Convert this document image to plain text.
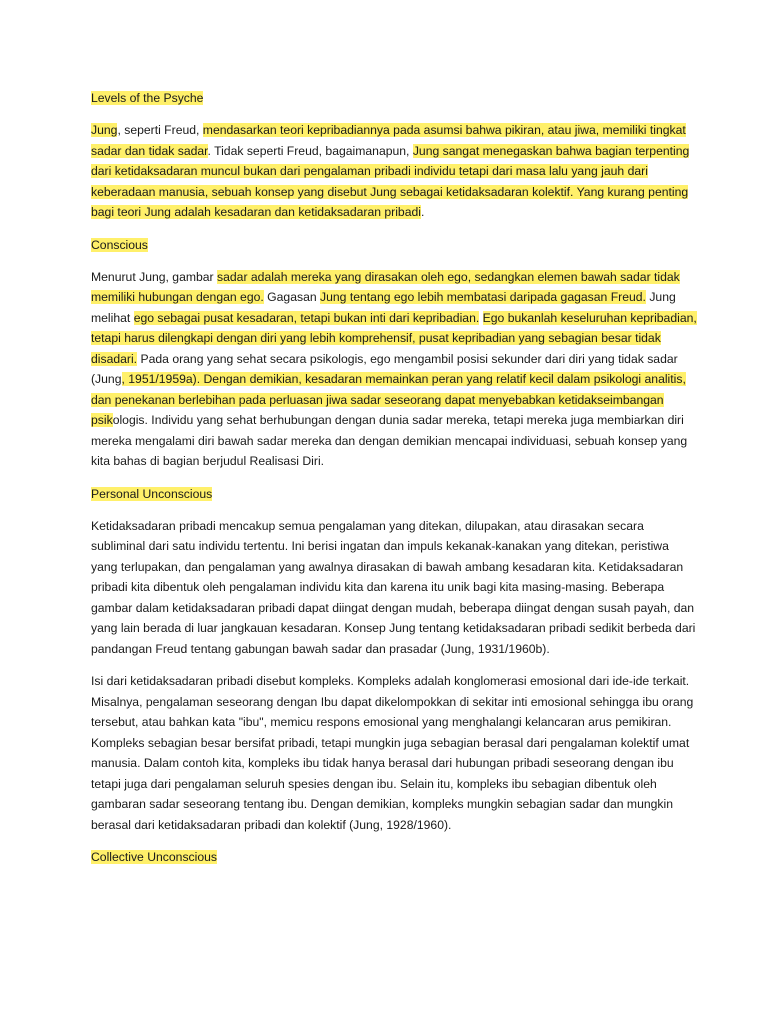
Levels of the Psyche
Jung, seperti Freud, mendasarkan teori kepribadiannya pada asumsi bahwa pikiran, atau jiwa, memiliki tingkat sadar dan tidak sadar. Tidak seperti Freud, bagaimanapun, Jung sangat menegaskan bahwa bagian terpenting dari ketidaksadaran muncul bukan dari pengalaman pribadi individu tetapi dari masa lalu yang jauh dari keberadaan manusia, sebuah konsep yang disebut Jung sebagai ketidaksadaran kolektif. Yang kurang penting bagi teori Jung adalah kesadaran dan ketidaksadaran pribadi.
Conscious
Menurut Jung, gambar sadar adalah mereka yang dirasakan oleh ego, sedangkan elemen bawah sadar tidak memiliki hubungan dengan ego. Gagasan Jung tentang ego lebih membatasi daripada gagasan Freud. Jung melihat ego sebagai pusat kesadaran, tetapi bukan inti dari kepribadian. Ego bukanlah keseluruhan kepribadian, tetapi harus dilengkapi dengan diri yang lebih komprehensif, pusat kepribadian yang sebagian besar tidak disadari. Pada orang yang sehat secara psikologis, ego mengambil posisi sekunder dari diri yang tidak sadar (Jung, 1951/1959a). Dengan demikian, kesadaran memainkan peran yang relatif kecil dalam psikologi analitis, dan penekanan berlebihan pada perluasan jiwa sadar seseorang dapat menyebabkan ketidakseimbangan psikologis. Individu yang sehat berhubungan dengan dunia sadar mereka, tetapi mereka juga membiarkan diri mereka mengalami diri bawah sadar mereka dan dengan demikian mencapai individuasi, sebuah konsep yang kita bahas di bagian berjudul Realisasi Diri.
Personal Unconscious
Ketidaksadaran pribadi mencakup semua pengalaman yang ditekan, dilupakan, atau dirasakan secara subliminal dari satu individu tertentu. Ini berisi ingatan dan impuls kekanak-kanakan yang ditekan, peristiwa yang terlupakan, dan pengalaman yang awalnya dirasakan di bawah ambang kesadaran kita. Ketidaksadaran pribadi kita dibentuk oleh pengalaman individu kita dan karena itu unik bagi kita masing-masing. Beberapa gambar dalam ketidaksadaran pribadi dapat diingat dengan mudah, beberapa diingat dengan susah payah, dan yang lain berada di luar jangkauan kesadaran. Konsep Jung tentang ketidaksadaran pribadi sedikit berbeda dari pandangan Freud tentang gabungan bawah sadar dan prasadar (Jung, 1931/1960b).
Isi dari ketidaksadaran pribadi disebut kompleks. Kompleks adalah konglomerasi emosional dari ide-ide terkait. Misalnya, pengalaman seseorang dengan Ibu dapat dikelompokkan di sekitar inti emosional sehingga ibu orang tersebut, atau bahkan kata "ibu", memicu respons emosional yang menghalangi kelancaran arus pemikiran. Kompleks sebagian besar bersifat pribadi, tetapi mungkin juga sebagian berasal dari pengalaman kolektif umat manusia. Dalam contoh kita, kompleks ibu tidak hanya berasal dari hubungan pribadi seseorang dengan ibu tetapi juga dari pengalaman seluruh spesies dengan ibu. Selain itu, kompleks ibu sebagian dibentuk oleh gambaran sadar seseorang tentang ibu. Dengan demikian, kompleks mungkin sebagian sadar dan mungkin berasal dari ketidaksadaran pribadi dan kolektif (Jung, 1928/1960).
Collective Unconscious
